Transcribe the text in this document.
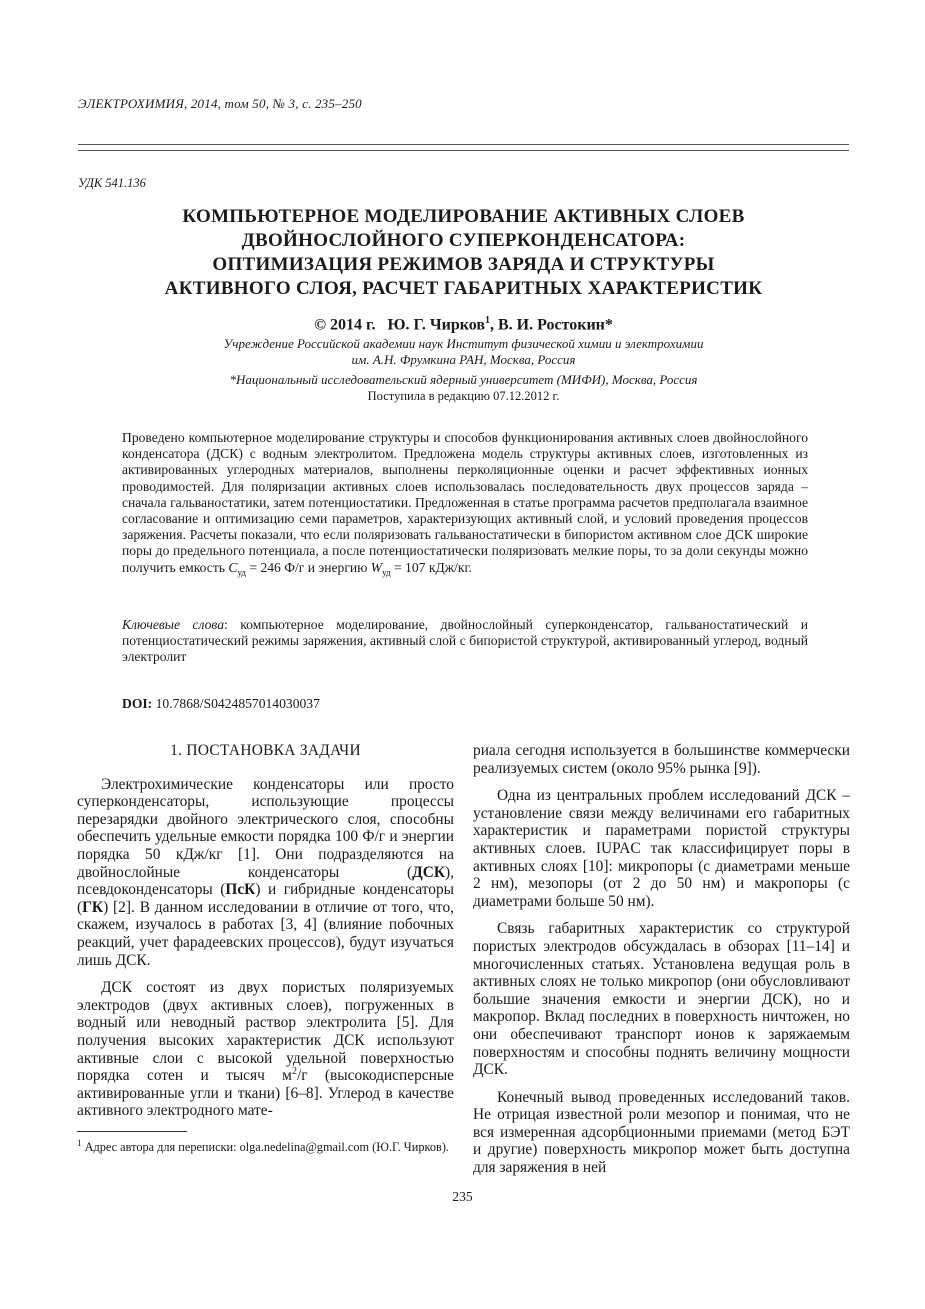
ЭЛЕКТРОХИМИЯ, 2014, том 50, № 3, с. 235–250
УДК 541.136
КОМПЬЮТЕРНОЕ МОДЕЛИРОВАНИЕ АКТИВНЫХ СЛОЕВ
ДВОЙНОСЛОЙНОГО СУПЕРКОНДЕНСАТОРА:
ОПТИМИЗАЦИЯ РЕЖИМОВ ЗАРЯДА И СТРУКТУРЫ
АКТИВНОГО СЛОЯ, РАСЧЕТ ГАБАРИТНЫХ ХАРАКТЕРИСТИК
© 2014 г. Ю. Г. Чирков$^1$, В. И. Ростокин*
Учреждение Российской академии наук Институт физической химии и электрохимии
им. А.Н. Фрумкина РАН, Москва, Россия
*Национальный исследовательский ядерный университет (МИФИ), Москва, Россия
Поступила в редакцию 07.12.2012 г.
Проведено компьютерное моделирование структуры и способов функционирования активных слоев двойнослойного конденсатора (ДСК) с водным электролитом. Предложена модель структуры активных слоев, изготовленных из активированных углеродных материалов, выполнены перколяционные оценки и расчет эффективных ионных проводимостей. Для поляризации активных слоев использовалась последовательность двух процессов заряда – сначала гальваностатики, затем потенциостатики. Предложенная в статье программа расчетов предполагала взаимное согласование и оптимизацию семи параметров, характеризующих активный слой, и условий проведения процессов заряжения. Расчеты показали, что если поляризовать гальваностатически в бипористом активном слое ДСК широкие поры до предельного потенциала, а после потенциостатически поляризовать мелкие поры, то за доли секунды можно получить емкость $C_{уд} = 246$ Ф/г и энергию $W_{уд} = 107$ кДж/кг.
Ключевые слова: компьютерное моделирование, двойнослойный суперконденсатор, гальваностатический и потенциостатический режимы заряжения, активный слой с бипористой структурой, активированный углерод, водный электролит
DOI: 10.7868/S0424857014030037
1. ПОСТАНОВКА ЗАДАЧИ

Электрохимические конденсаторы или просто суперконденсаторы, использующие процессы перезарядки двойного электрического слоя, способны обеспечить удельные емкости порядка 100 Ф/г и энергии порядка 50 кДж/кг [1]. Они подразделяются на двойнослойные конденсаторы (ДСК), псевдоконденсаторы (ПсК) и гибридные конденсаторы (ГК) [2]. В данном исследовании в отличие от того, что, скажем, изучалось в работах [3, 4] (влияние побочных реакций, учет фарадеевских процессов), будут изучаться лишь ДСК.

ДСК состоят из двух пористых поляризуемых электродов (двух активных слоев), погруженных в водный или неводный раствор электролита [5]. Для получения высоких характеристик ДСК используют активные слои с высокой удельной поверхностью порядка сотен и тысяч $м^2/г$ (высокодисперсные активированные угли и ткани) [6–8]. Углерод в качестве активного электродного мате-

риала сегодня используется в большинстве коммерчески реализуемых систем (около 95% рынка [9]).

Одна из центральных проблем исследований ДСК – установление связи между величинами его габаритных характеристик и параметрами пористой структуры активных слоев. IUPAC так классифицирует поры в активных слоях [10]: микропоры (с диаметрами меньше 2 нм), мезопоры (от 2 до 50 нм) и макропоры (с диаметрами больше 50 нм).

Связь габаритных характеристик со структурой пористых электродов обсуждалась в обзорах [11–14] и многочисленных статьях. Установлена ведущая роль в активных слоях не только микропор (они обусловливают большие значения емкости и энергии ДСК), но и макропор. Вклад последних в поверхность ничтожен, но они обеспечивают транспорт ионов к заряжаемым поверхностям и способны поднять величину мощности ДСК.

Конечный вывод проведенных исследований таков. Не отрицая известной роли мезопор и понимая, что не вся измеренная адсорбционными приемами (метод БЭТ и другие) поверхность микропор может быть доступна для заряжения в ней

$^1$ Адрес автора для переписки: olga.nedelina@gmail.com (Ю.Г. Чирков).
235
